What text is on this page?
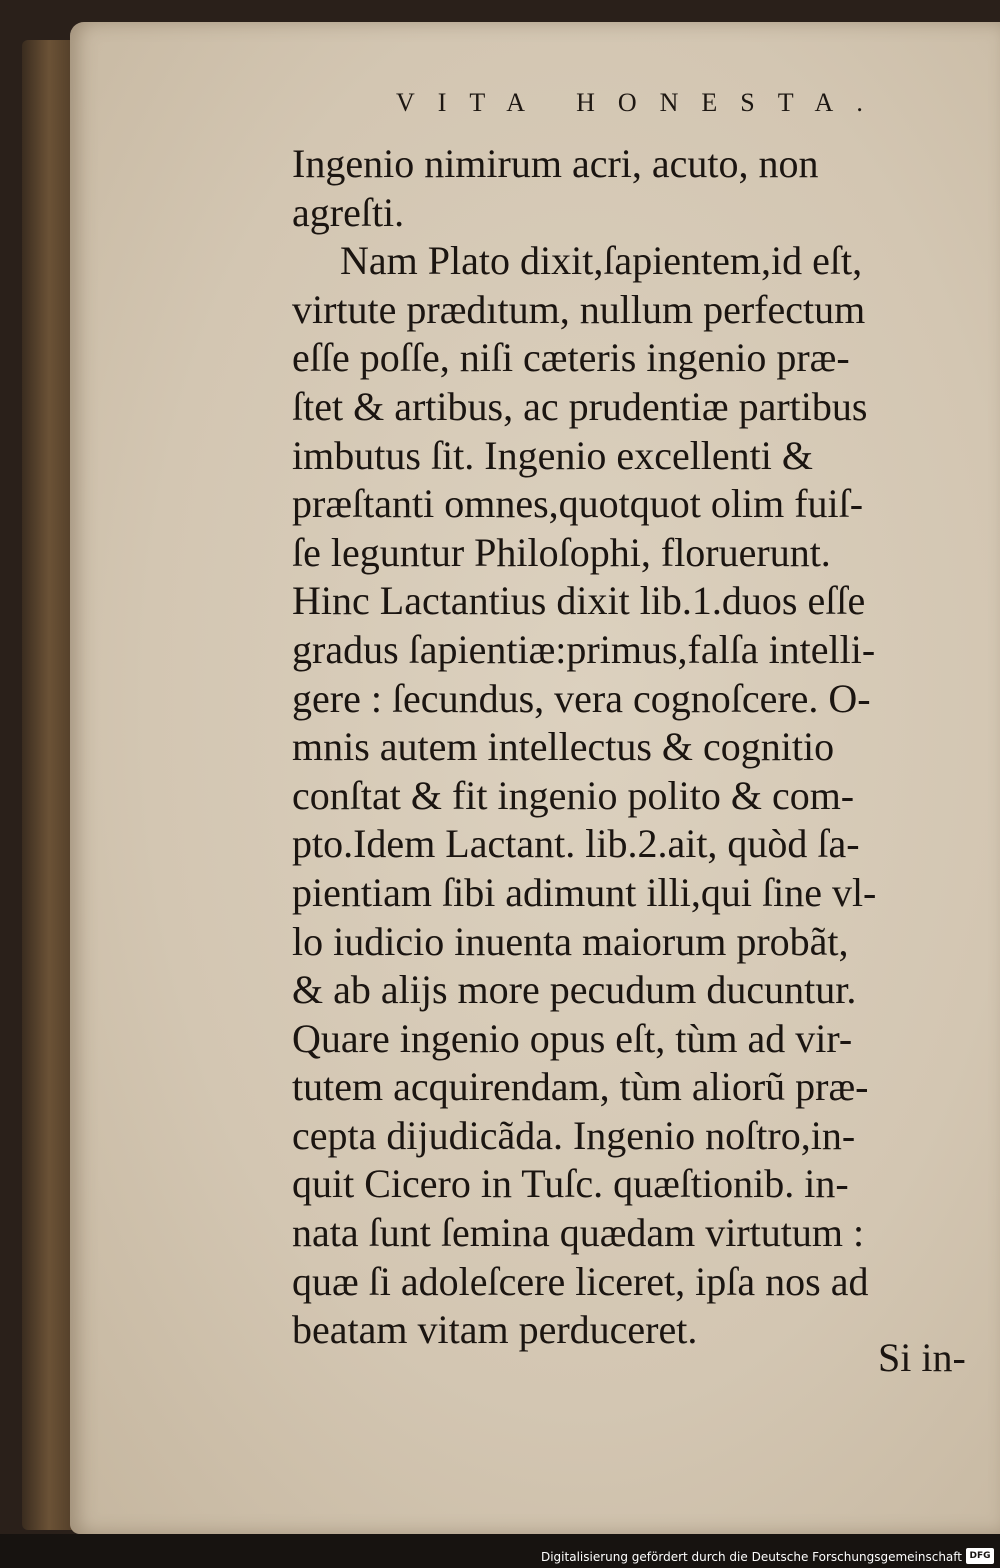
VITA HONESTA.
Ingenio nimirum acri, acuto, non
agreſti.
Nam Plato dixit,ſapientem,id eſt,
virtute prædıtum, nullum perfectum
eſſe poſſe, niſi cæteris ingenio præ-
ſtet & artibus, ac prudentiæ partibus
imbutus ſit. Ingenio excellenti &
præſtanti omnes,quotquot olim fuiſ-
ſe leguntur Philoſophi, floruerunt.
Hinc Lactantius dixit lib.1.duos eſſe
gradus ſapientiæ:primus,falſa intelli-
gere : ſecundus, vera cognoſcere. O-
mnis autem intellectus & cognitio
conſtat & fit ingenio polito & com-
pto.Idem Lactant. lib.2.ait, quòd ſa-
pientiam ſibi adimunt illi,qui ſine vl-
lo iudicio inuenta maiorum probãt,
& ab alijs more pecudum ducuntur.
Quare ingenio opus eſt, tùm ad vir-
tutem acquirendam, tùm aliorũ præ-
cepta dijudicãda. Ingenio noſtro,in-
quit Cicero in Tuſc. quæſtionib. in-
nata ſunt ſemina quædam virtutum :
quæ ſi adoleſcere liceret, ipſa nos ad
beatam vitam perduceret.
Si in-
Digitalisierung gefördert durch die Deutsche Forschungsgemeinschaft DFG
